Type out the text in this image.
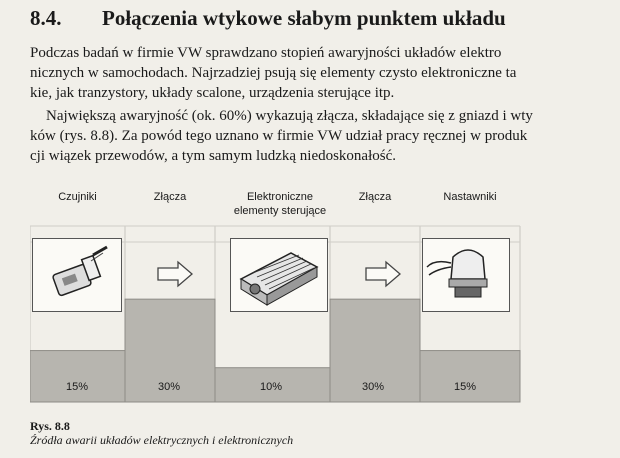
8.4. Połączenia wtykowe słabym punktem układu

Podczas badań w firmie VW sprawdzano stopień awaryjności układów elektro

nicznych w samochodach. Najrzadziej psują się elementy czysto elektroniczne ta

kie, jak tranzystory, układy scalone, urządzenia sterujące itp.

Największą awaryjność (ok. 60%) wykazują złącza, składające się z gniazd i wty

ków (rys. 8.8). Za powód tego uznano w firmie VW udział pracy ręcznej w produk

cji wiązek przewodów, a tym samym ludzką niedoskonałość.

Czujniki	Złącza	Elektroniczne elementy sterujące
Złącza	Nastawniki
15%	30%	10%	30%	15%
Rys. 8.8
Źródła awarii układów elektrycznych i elektronicznych
